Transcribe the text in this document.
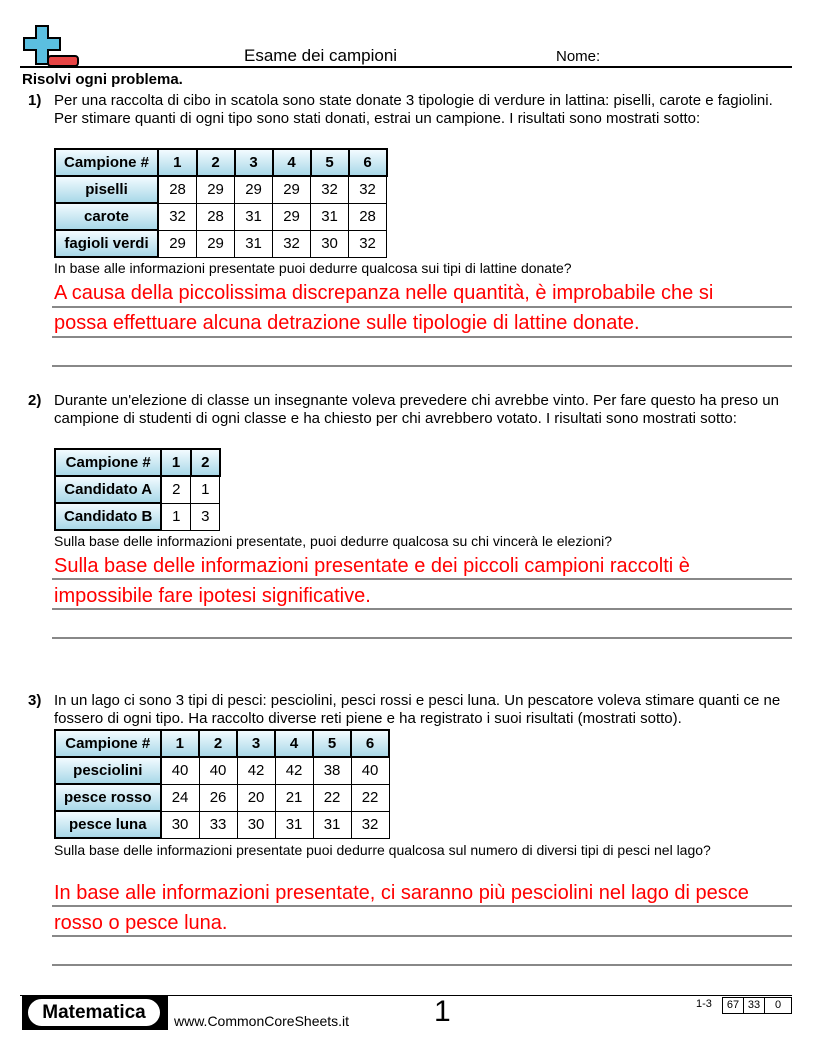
Esame dei campioni	Nome:
Risolvi ogni problema.
1) Per una raccolta di cibo in scatola sono state donate 3 tipologie di verdure in lattina: piselli, carote e fagiolini. Per stimare quanti di ogni tipo sono stati donati, estrai un campione. I risultati sono mostrati sotto:
Campione #	1	2	3	4	5	6
piselli	28	29	29	29	32	32
carote	32	28	31	29	31	28
fagioli verdi	29	29	31	32	30	32
In base alle informazioni presentate puoi dedurre qualcosa sui tipi di lattine donate?
A causa della piccolissima discrepanza nelle quantità, è improbabile che si
possa effettuare alcuna detrazione sulle tipologie di lattine donate.
2) Durante un'elezione di classe un insegnante voleva prevedere chi avrebbe vinto. Per fare questo ha preso un campione di studenti di ogni classe e ha chiesto per chi avrebbero votato. I risultati sono mostrati sotto:
Campione #	1	2
Candidato A	2	1
Candidato B	1	3
Sulla base delle informazioni presentate, puoi dedurre qualcosa su chi vincerà le elezioni?
Sulla base delle informazioni presentate e dei piccoli campioni raccolti è
impossibile fare ipotesi significative.
3) In un lago ci sono 3 tipi di pesci: pesciolini, pesci rossi e pesci luna. Un pescatore voleva stimare quanti ce ne fossero di ogni tipo. Ha raccolto diverse reti piene e ha registrato i suoi risultati (mostrati sotto).
Campione #	1	2	3	4	5	6
pesciolini	40	40	42	42	38	40
pesce rosso	24	26	20	21	22	22
pesce luna	30	33	30	31	31	32
Sulla base delle informazioni presentate puoi dedurre qualcosa sul numero di diversi tipi di pesci nel lago?
In base alle informazioni presentate, ci saranno più pesciolini nel lago di pesce
rosso o pesce luna.
Matematica	www.CommonCoreSheets.it	1	1-3	67 33	0
